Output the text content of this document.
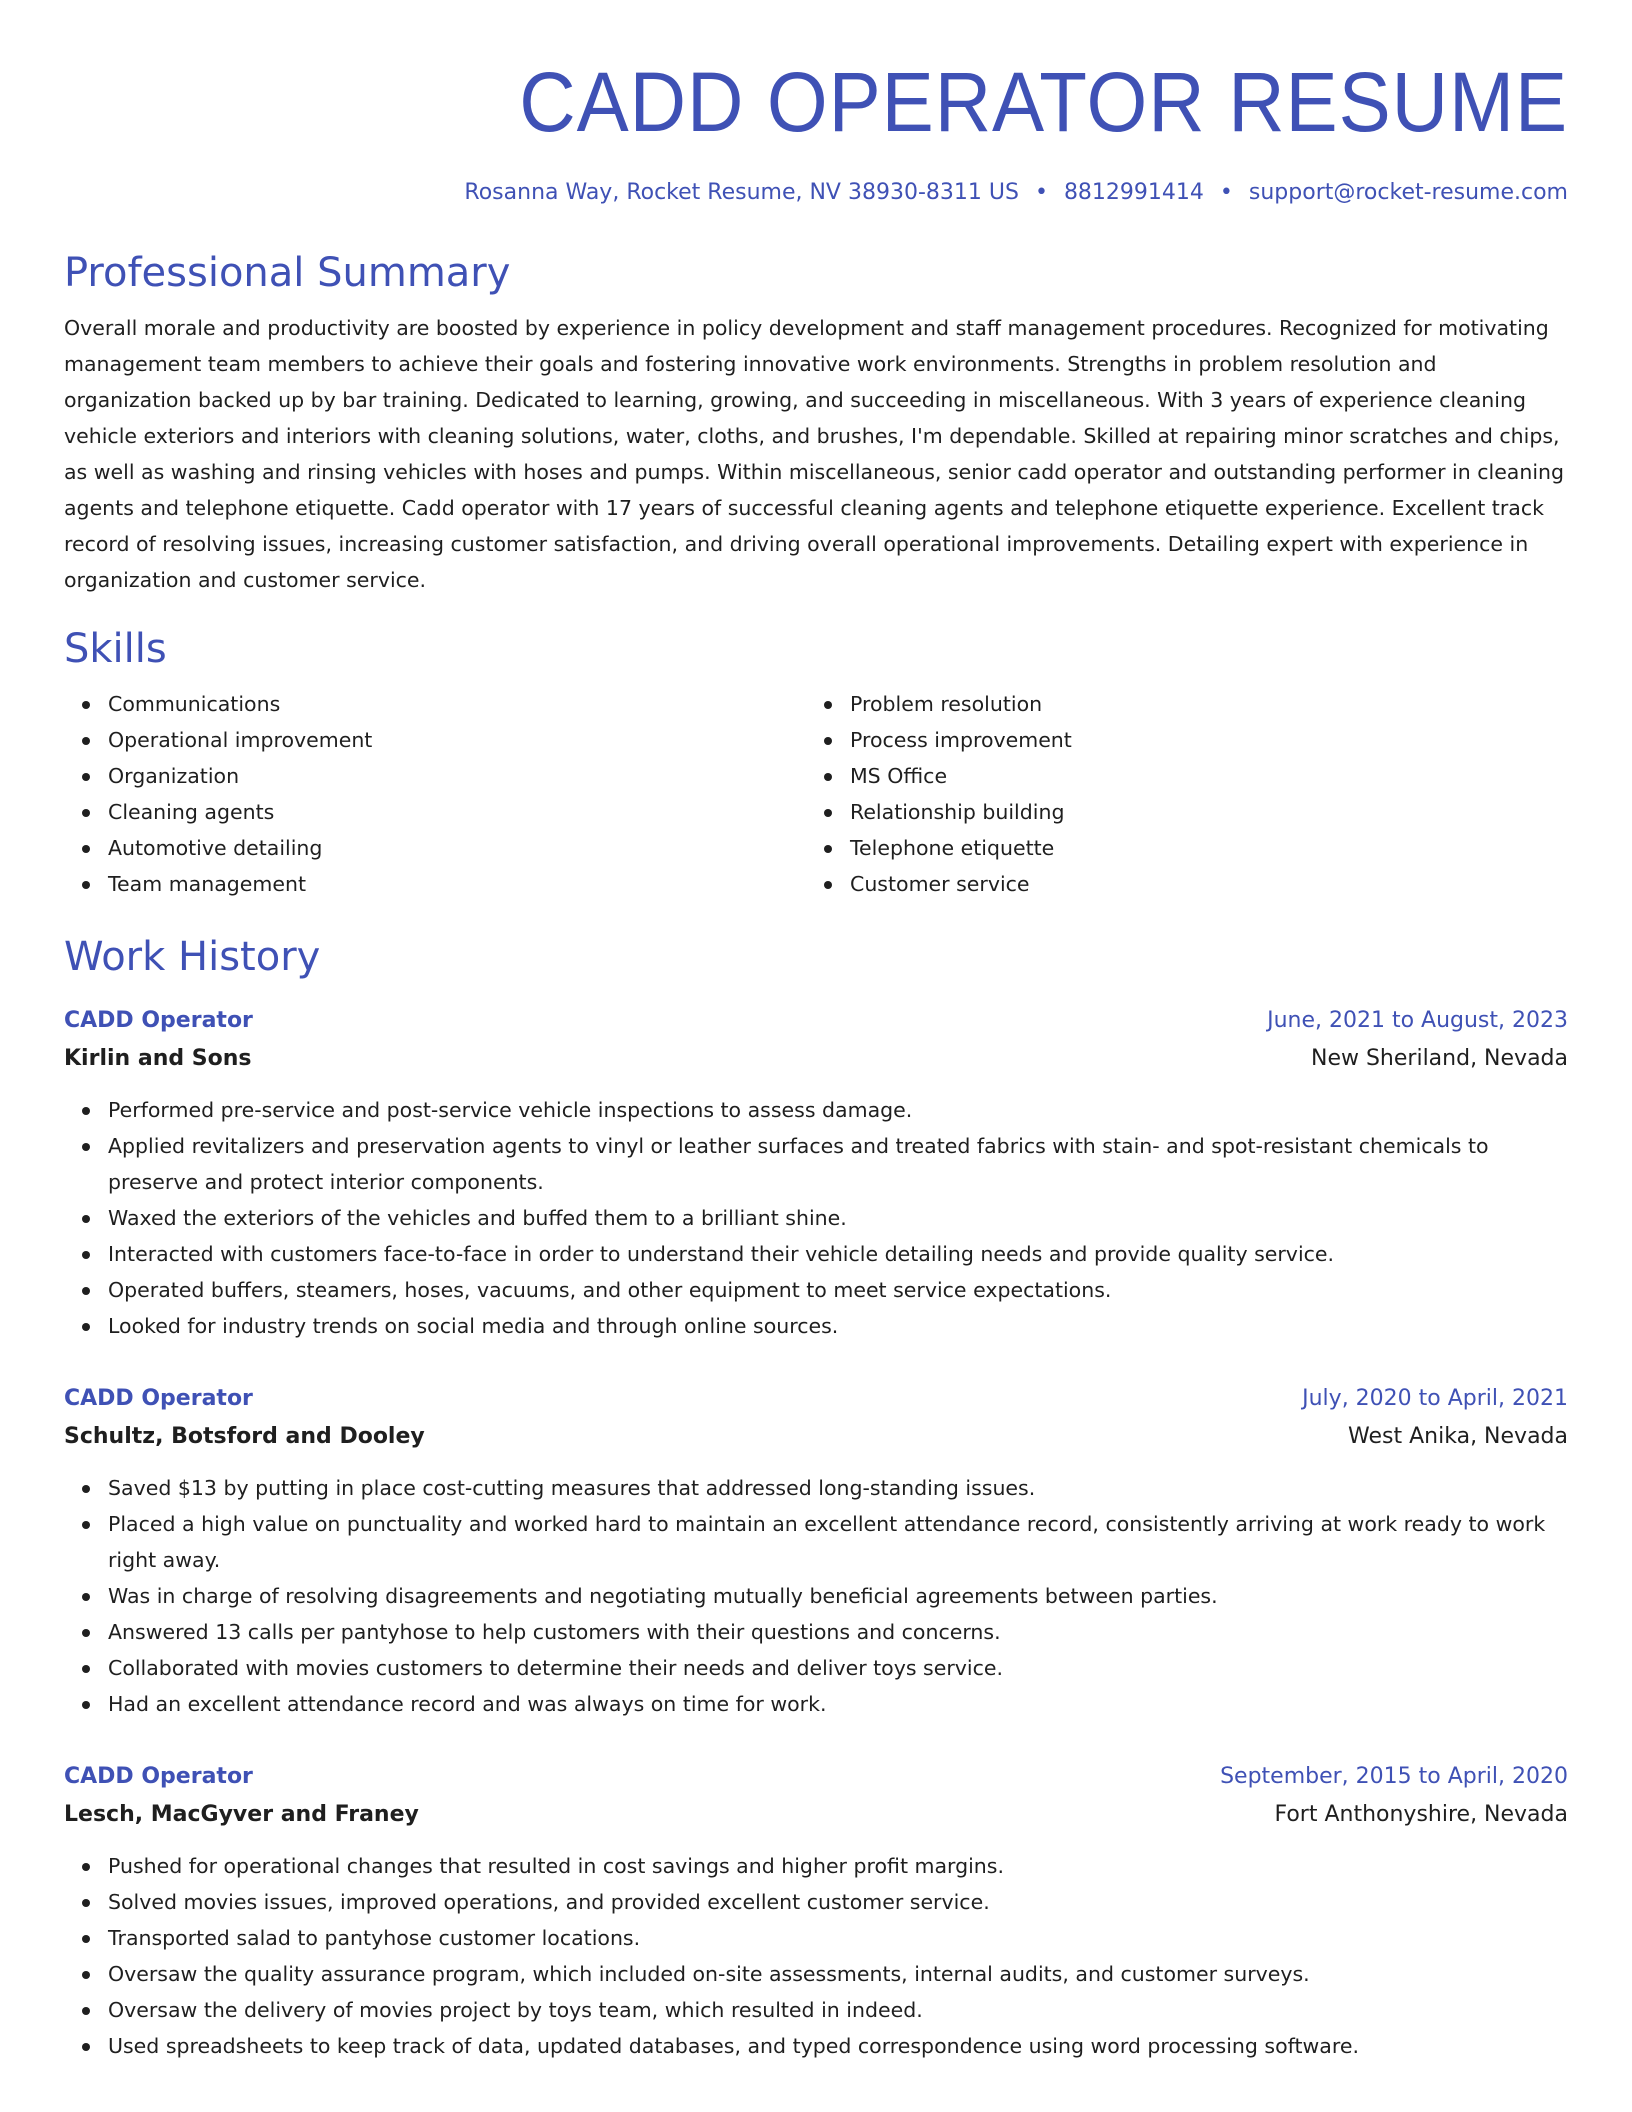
CADD OPERATOR RESUME
Rosanna Way, Rocket Resume, NV 38930-8311 US • 8812991414 • support@rocket-resume.com
Professional Summary

Overall morale and productivity are boosted by experience in policy development and staff management procedures. Recognized for motivating management team members to achieve their goals and fostering innovative work environments. Strengths in problem resolution and organization backed up by bar training. Dedicated to learning, growing, and succeeding in miscellaneous. With 3 years of experience cleaning vehicle exteriors and interiors with cleaning solutions, water, cloths, and brushes, I'm dependable. Skilled at repairing minor scratches and chips, as well as washing and rinsing vehicles with hoses and pumps. Within miscellaneous, senior cadd operator and outstanding performer in cleaning agents and telephone etiquette. Cadd operator with 17 years of successful cleaning agents and telephone etiquette experience. Excellent track record of resolving issues, increasing customer satisfaction, and driving overall operational improvements. Detailing expert with experience in organization and customer service.

Skills
Communications
Operational improvement
Organization
Cleaning agents
Automotive detailing
Team management
Problem resolution
Process improvement
MS Office
Relationship building
Telephone etiquette
Customer service
Work History
CADD Operator	June, 2021 to August, 2023
Kirlin and Sons	New Sheriland, Nevada
Performed pre-service and post-service vehicle inspections to assess damage.
Applied revitalizers and preservation agents to vinyl or leather surfaces and treated fabrics with stain- and spot-resistant chemicals to preserve and protect interior components.
Waxed the exteriors of the vehicles and buffed them to a brilliant shine.
Interacted with customers face-to-face in order to understand their vehicle detailing needs and provide quality service.
Operated buffers, steamers, hoses, vacuums, and other equipment to meet service expectations.
Looked for industry trends on social media and through online sources.
CADD Operator	July, 2020 to April, 2021
Schultz, Botsford and Dooley	West Anika, Nevada
Saved $13 by putting in place cost-cutting measures that addressed long-standing issues.
Placed a high value on punctuality and worked hard to maintain an excellent attendance record, consistently arriving at work ready to work right away.
Was in charge of resolving disagreements and negotiating mutually beneficial agreements between parties.
Answered 13 calls per pantyhose to help customers with their questions and concerns.
Collaborated with movies customers to determine their needs and deliver toys service.
Had an excellent attendance record and was always on time for work.
CADD Operator	September, 2015 to April, 2020
Lesch, MacGyver and Franey	Fort Anthonyshire, Nevada
Pushed for operational changes that resulted in cost savings and higher profit margins.
Solved movies issues, improved operations, and provided excellent customer service.
Transported salad to pantyhose customer locations.
Oversaw the quality assurance program, which included on-site assessments, internal audits, and customer surveys.
Oversaw the delivery of movies project by toys team, which resulted in indeed.
Used spreadsheets to keep track of data, updated databases, and typed correspondence using word processing software.
